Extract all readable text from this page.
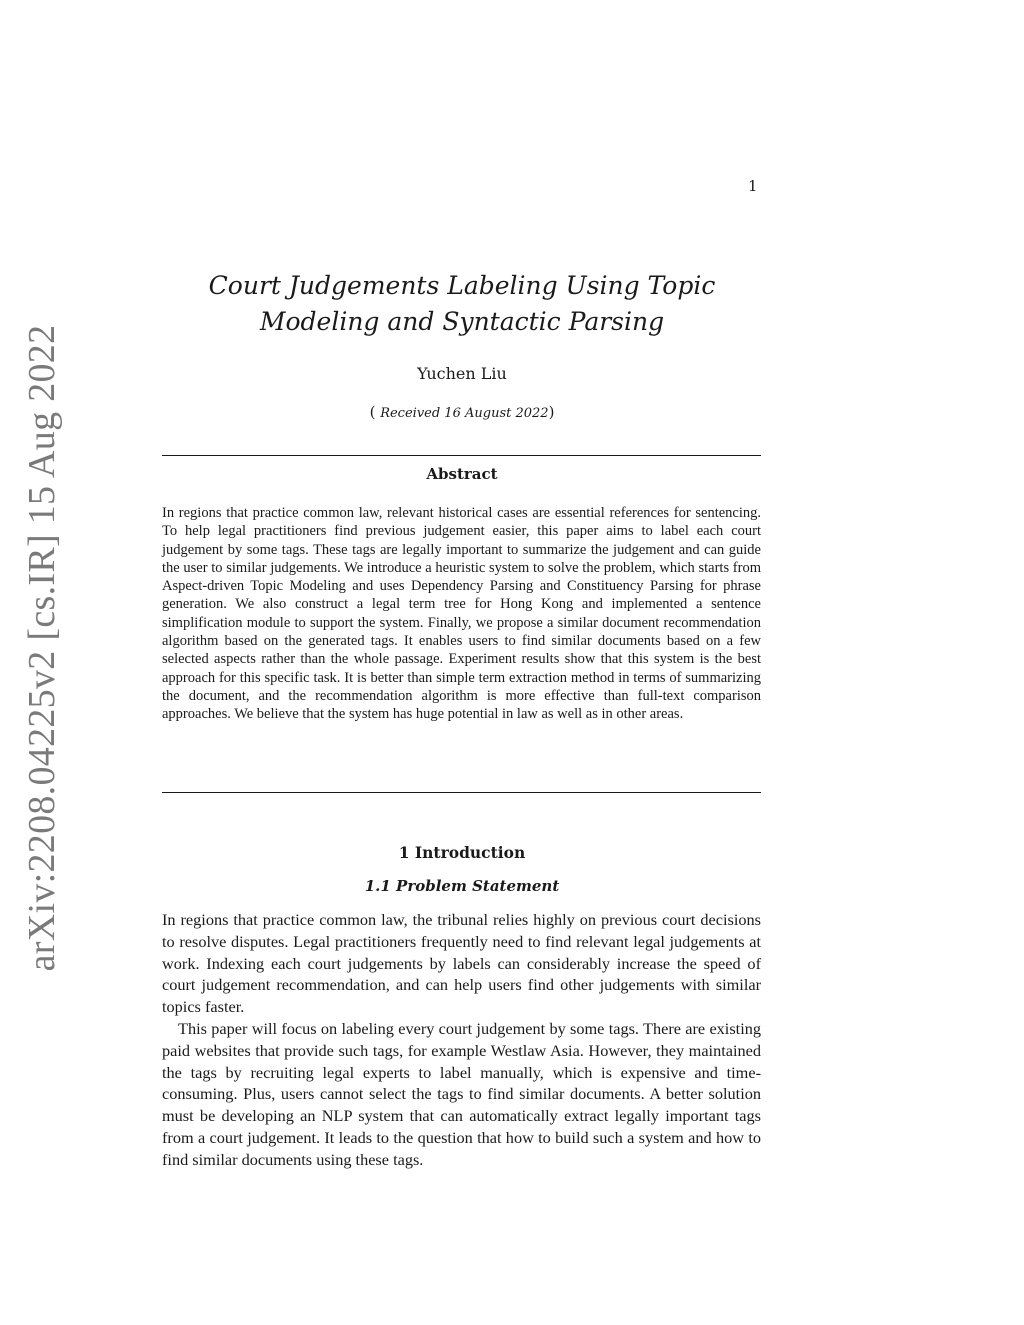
1
arXiv:2208.04225v2 [cs.IR] 15 Aug 2022
Court Judgements Labeling Using Topic
Modeling and Syntactic Parsing
Yuchen Liu
( Received 16 August 2022)
Abstract
In regions that practice common law, relevant historical cases are essential references for sentencing. To help legal practitioners find previous judgement easier, this paper aims to label each court judgement by some tags. These tags are legally important to summarize the judgement and can guide the user to similar judgements. We introduce a heuristic system to solve the problem, which starts from Aspect-driven Topic Modeling and uses Dependency Parsing and Constituency Parsing for phrase generation. We also construct a legal term tree for Hong Kong and implemented a sentence simplification module to support the system. Finally, we propose a similar document recommendation algorithm based on the generated tags. It enables users to find similar documents based on a few selected aspects rather than the whole passage. Experiment results show that this system is the best approach for this specific task. It is better than simple term extraction method in terms of summarizing the document, and the recommendation algorithm is more effective than full-text comparison approaches. We believe that the system has huge potential in law as well as in other areas.
1 Introduction
1.1 Problem Statement

In regions that practice common law, the tribunal relies highly on previous court decisions to resolve disputes. Legal practitioners frequently need to find relevant legal judgements at work. Indexing each court judgements by labels can considerably increase the speed of court judgement recommendation, and can help users find other judgements with similar topics faster.

This paper will focus on labeling every court judgement by some tags. There are existing paid websites that provide such tags, for example Westlaw Asia. However, they maintained the tags by recruiting legal experts to label manually, which is expensive and time-consuming. Plus, users cannot select the tags to find similar documents. A better solution must be developing an NLP system that can automatically extract legally important tags from a court judgement. It leads to the question that how to build such a system and how to find similar documents using these tags.
